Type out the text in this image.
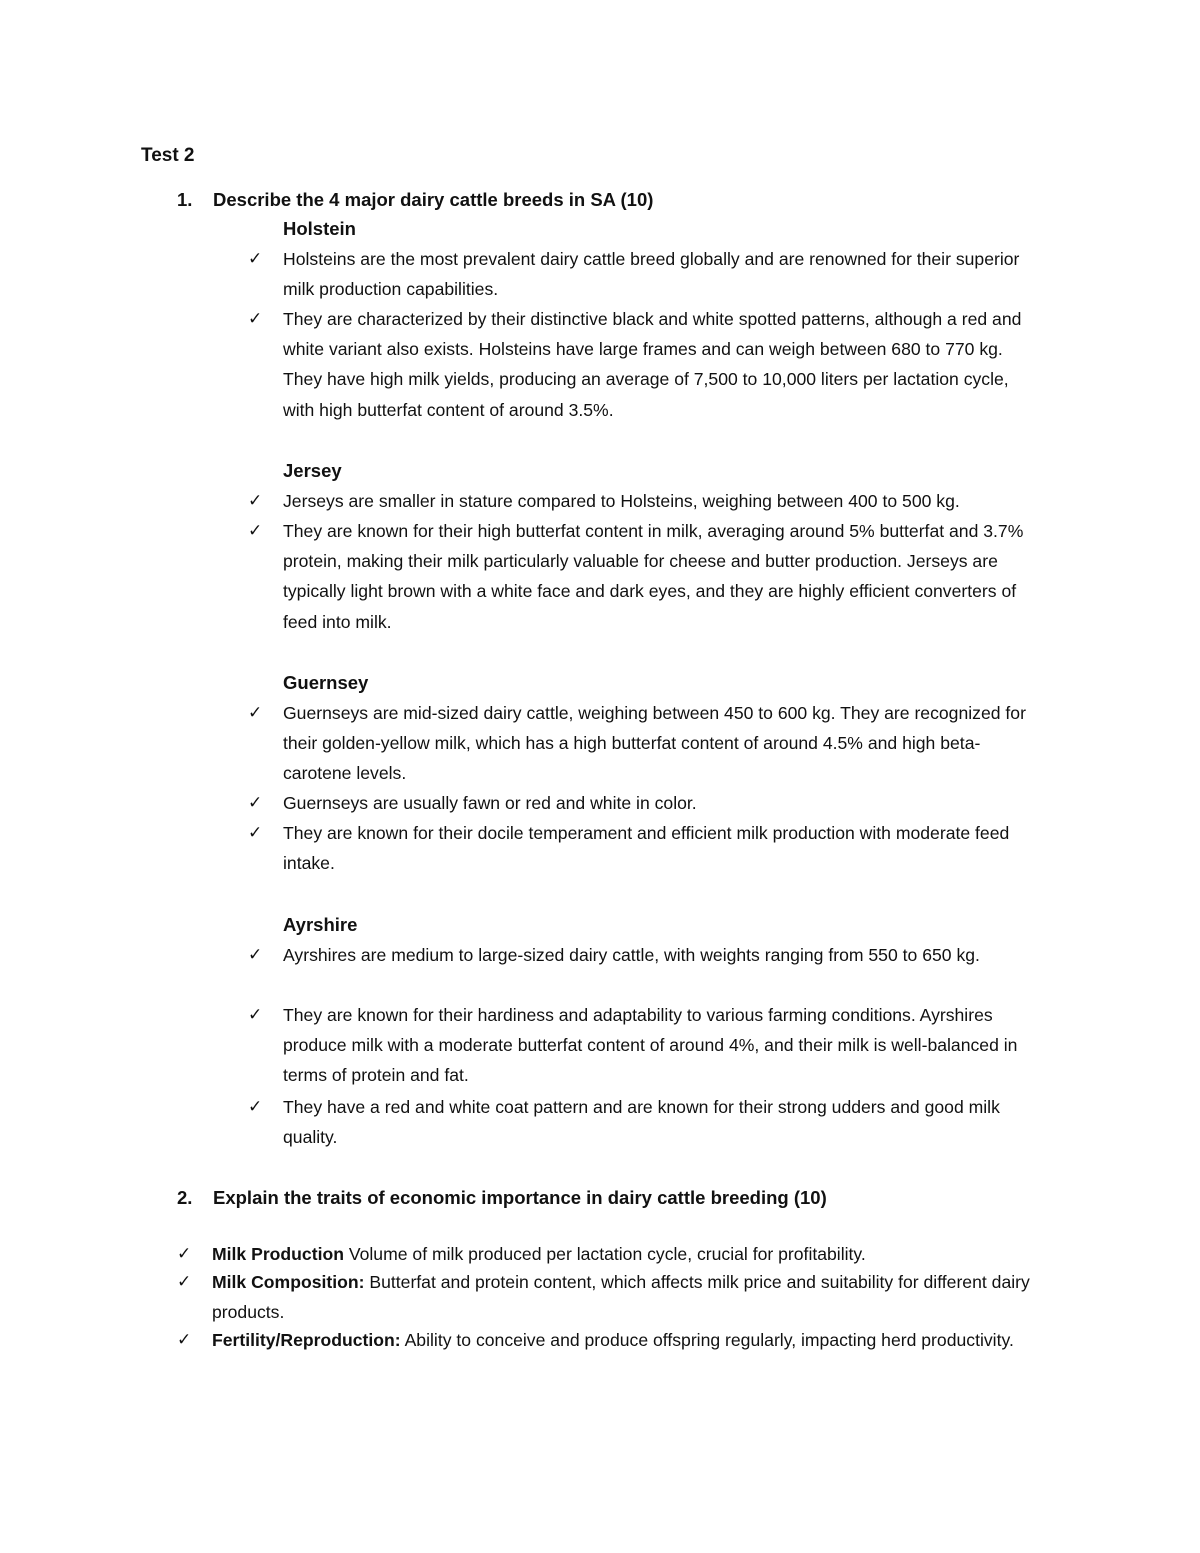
Test 2
1. Describe the 4 major dairy cattle breeds in SA (10)
Holstein
✓ Holsteins are the most prevalent dairy cattle breed globally and are renowned for their superior milk production capabilities.
✓ They are characterized by their distinctive black and white spotted patterns, although a red and white variant also exists. Holsteins have large frames and can weigh between 680 to 770 kg. They have high milk yields, producing an average of 7,500 to 10,000 liters per lactation cycle, with high butterfat content of around 3.5%.
Jersey
✓ Jerseys are smaller in stature compared to Holsteins, weighing between 400 to 500 kg.
✓ They are known for their high butterfat content in milk, averaging around 5% butterfat and 3.7% protein, making their milk particularly valuable for cheese and butter production. Jerseys are typically light brown with a white face and dark eyes, and they are highly efficient converters of feed into milk.
Guernsey
✓ Guernseys are mid-sized dairy cattle, weighing between 450 to 600 kg. They are recognized for their golden-yellow milk, which has a high butterfat content of around 4.5% and high beta-carotene levels.
✓ Guernseys are usually fawn or red and white in color.
✓ They are known for their docile temperament and efficient milk production with moderate feed intake.
Ayrshire
✓ Ayrshires are medium to large-sized dairy cattle, with weights ranging from 550 to 650 kg.
✓ They are known for their hardiness and adaptability to various farming conditions. Ayrshires produce milk with a moderate butterfat content of around 4%, and their milk is well-balanced in terms of protein and fat.
✓ They have a red and white coat pattern and are known for their strong udders and good milk quality.
2. Explain the traits of economic importance in dairy cattle breeding (10)
✓ Milk Production Volume of milk produced per lactation cycle, crucial for profitability.
✓ Milk Composition: Butterfat and protein content, which affects milk price and suitability for different dairy products.
✓ Fertility/Reproduction: Ability to conceive and produce offspring regularly, impacting herd productivity.
